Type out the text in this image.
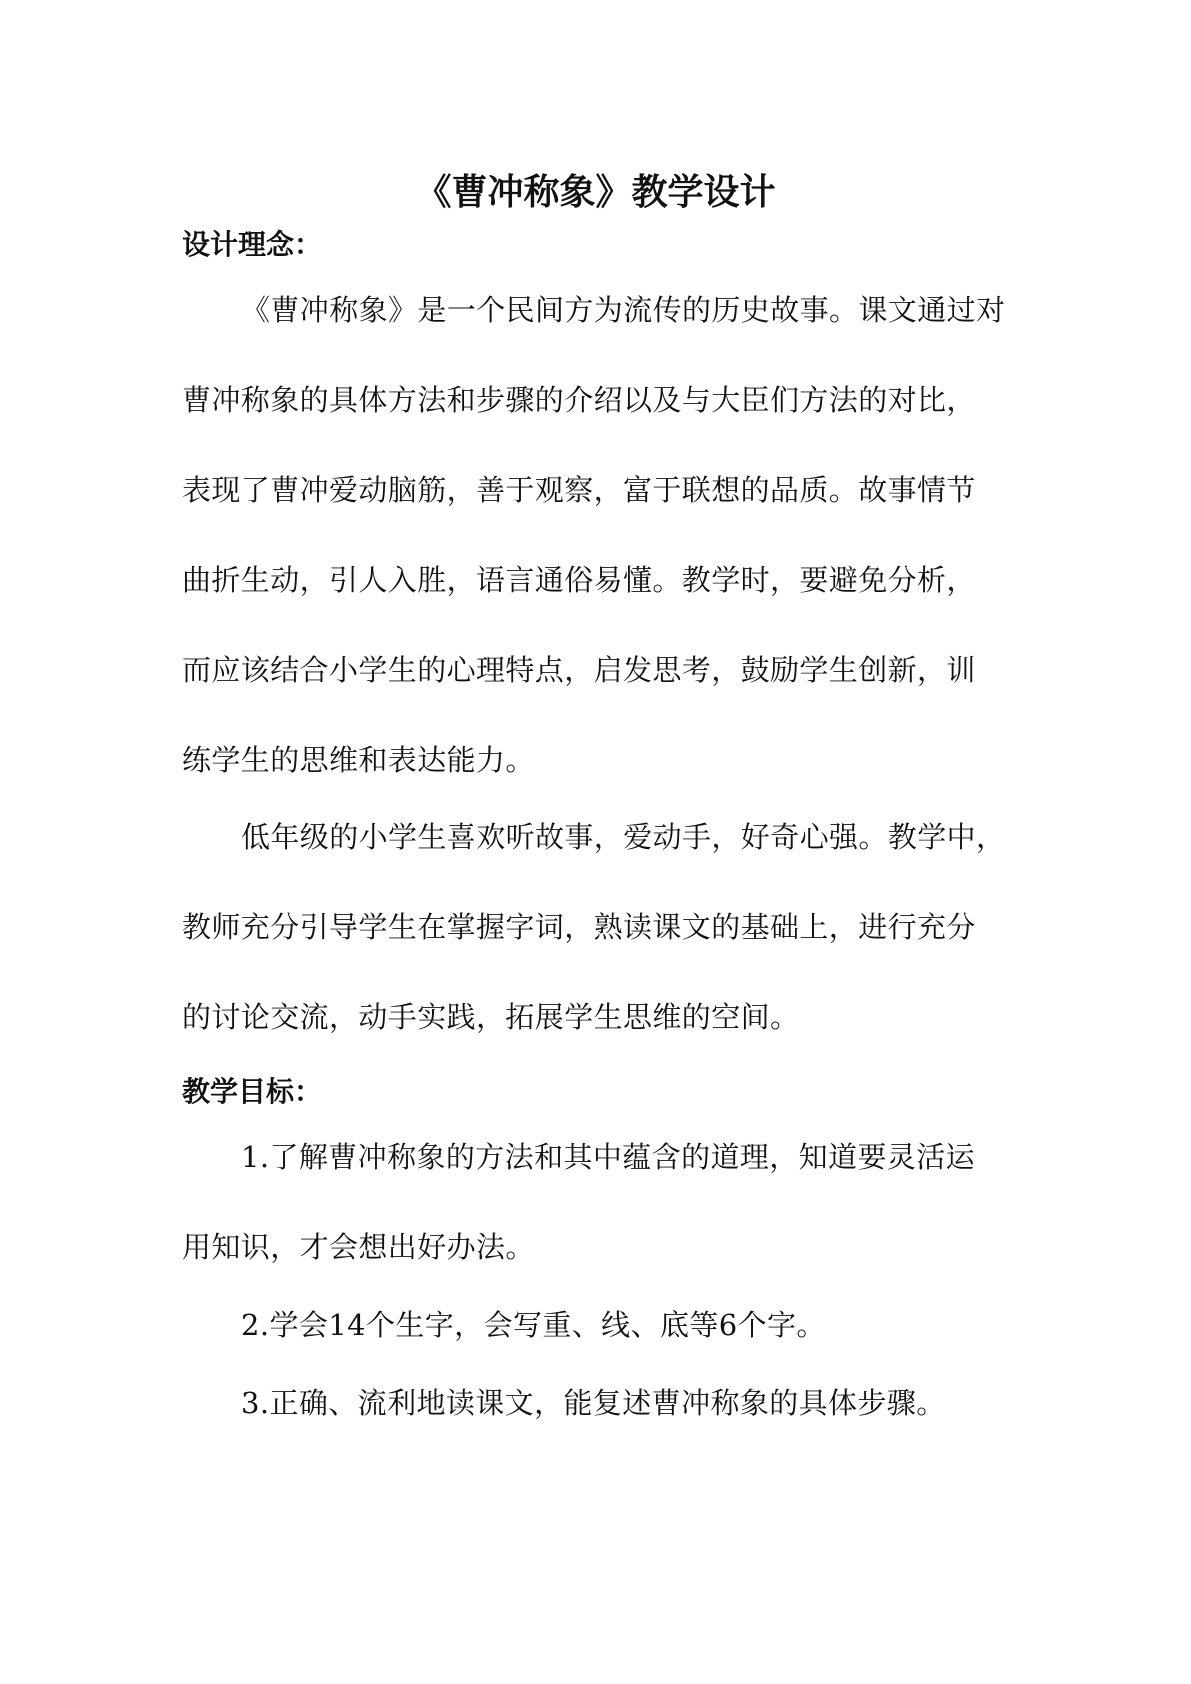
《曹冲称象》教学设计
设计理念：
《曹冲称象》是一个民间方为流传的历史故事。课文通过对
曹冲称象的具体方法和步骤的介绍以及与大臣们方法的对比，
表现了曹冲爱动脑筋，善于观察，富于联想的品质。故事情节
曲折生动，引人入胜，语言通俗易懂。教学时，要避免分析，
而应该结合小学生的心理特点，启发思考，鼓励学生创新，训
练学生的思维和表达能力。
低年级的小学生喜欢听故事，爱动手，好奇心强。教学中，
教师充分引导学生在掌握字词，熟读课文的基础上，进行充分
的讨论交流，动手实践，拓展学生思维的空间。
教学目标：
1.了解曹冲称象的方法和其中蕴含的道理，知道要灵活运
用知识，才会想出好办法。
2.学会14个生字，会写重、线、底等6个字。
3.正确、流利地读课文，能复述曹冲称象的具体步骤。
